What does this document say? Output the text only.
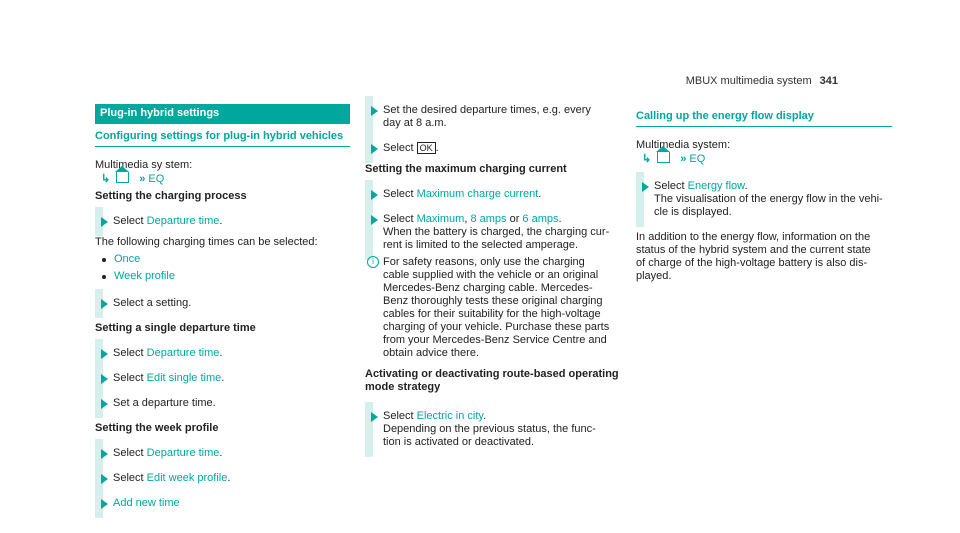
MBUX multimedia system 341
Plug-in hybrid settings
Configuring settings for plug-in hybrid vehicles

Multimedia sy stem:

↳	» EQ
Setting the charging process
Select Departure time.

The following charging times can be selected:

Once
Week profile
Select a setting.
Setting a single departure time
Select Departure time.
Select Edit single time.
Set a departure time.
Setting the week profile
Select Departure time.
Select Edit week profile.
Add new time
Set the desired departure times, e.g. every
day at 8 a.m.
Select OK .
Setting the maximum charging current
Select Maximum charge current.
Select Maximum, 8 amps or 6 amps.
When the battery is charged, the charging cur-
rent is limited to the selected amperage.
i For safety reasons, only use the charging
cable supplied with the vehicle or an original
Mercedes-Benz charging cable. Mercedes-
Benz thoroughly tests these original charging
cables for their suitability for the high-voltage
charging of your vehicle. Purchase these parts
from your Mercedes-Benz Service Centre and
obtain advice there.
Activating or deactivating route-based operating
mode strategy
Select Electric in city.
Depending on the previous status, the func-
tion is activated or deactivated.
Calling up the energy flow display

Multimedia system:

↳	» EQ
Select Energy flow.
The visualisation of the energy flow in the vehi-
cle is displayed.

In addition to the energy flow, information on the
status of the hybrid system and the current state
of charge of the high-voltage battery is also dis-
played.
